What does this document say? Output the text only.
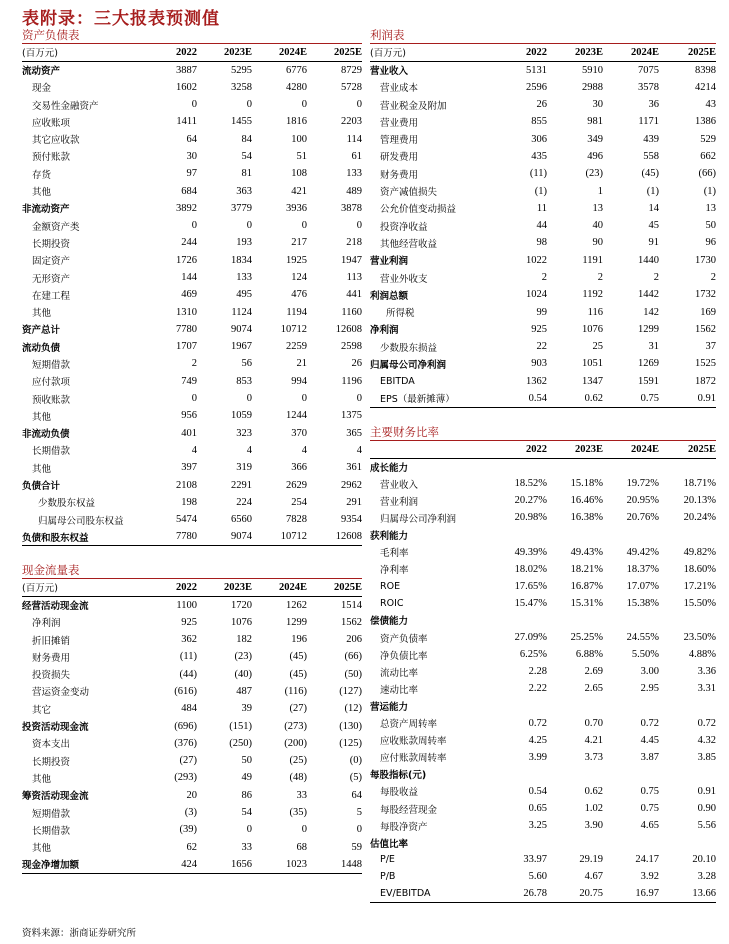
表附录：三大报表预测值
资产负债表
(百万元)	2022	2023E	2024E	2025E
流动资产	3887	5295	6776	8729
现金	1602	3258	4280	5728
交易性金融资产	0	0	0	0
应收账项	1411	1455	1816	2203
其它应收款	64	84	100	114
预付账款	30	54	51	61
存货	97	81	108	133
其他	684	363	421	489
非流动资产	3892	3779	3936	3878
金额资产类	0	0	0	0
长期投资	244	193	217	218
固定资产	1726	1834	1925	1947
无形资产	144	133	124	113
在建工程	469	495	476	441
其他	1310	1124	1194	1160
资产总计	7780	9074	10712	12608
流动负债	1707	1967	2259	2598
短期借款	2	56	21	26
应付款项	749	853	994	1196
预收账款	0	0	0	0
其他	956	1059	1244	1375
非流动负债	401	323	370	365
长期借款	4	4	4	4
其他	397	319	366	361
负债合计	2108	2291	2629	2962
少数股东权益	198	224	254	291
归属母公司股东权益	5474	6560	7828	9354
负债和股东权益	7780	9074	10712	12608
现金流量表
(百万元)	2022	2023E	2024E	2025E
经营活动现金流	1100	1720	1262	1514
净利润	925	1076	1299	1562
折旧摊销	362	182	196	206
财务费用	(11)	(23)	(45)	(66)
投资损失	(44)	(40)	(45)	(50)
营运资金变动	(616)	487	(116)	(127)
其它	484	39	(27)	(12)
投资活动现金流	(696)	(151)	(273)	(130)
资本支出	(376)	(250)	(200)	(125)
长期投资	(27)	50	(25)	(0)
其他	(293)	49	(48)	(5)
筹资活动现金流	20	86	33	64
短期借款	(3)	54	(35)	5
长期借款	(39)	0	0	0
其他	62	33	68	59
现金净增加额	424	1656	1023	1448
利润表
(百万元)	2022	2023E	2024E	2025E
营业收入	5131	5910	7075	8398
营业成本	2596	2988	3578	4214
营业税金及附加	26	30	36	43
营业费用	855	981	1171	1386
管理费用	306	349	439	529
研发费用	435	496	558	662
财务费用	(11)	(23)	(45)	(66)
资产减值损失	(1)	1	(1)	(1)
公允价值变动损益	11	13	14	13
投资净收益	44	40	45	50
其他经营收益	98	90	91	96
营业利润	1022	1191	1440	1730
营业外收支	2	2	2	2
利润总额	1024	1192	1442	1732
所得税	99	116	142	169
净利润	925	1076	1299	1562
少数股东损益	22	25	31	37
归属母公司净利润	903	1051	1269	1525
EBITDA	1362	1347	1591	1872
EPS（最新摊薄）	0.54	0.62	0.75	0.91
主要财务比率
	2022	2023E	2024E	2025E
成长能力				
营业收入	18.52%	15.18%	19.72%	18.71%
营业利润	20.27%	16.46%	20.95%	20.13%
归属母公司净利润	20.98%	16.38%	20.76%	20.24%
获利能力				
毛利率	49.39%	49.43%	49.42%	49.82%
净利率	18.02%	18.21%	18.37%	18.60%
ROE	17.65%	16.87%	17.07%	17.21%
ROIC	15.47%	15.31%	15.38%	15.50%
偿债能力				
资产负债率	27.09%	25.25%	24.55%	23.50%
净负债比率	6.25%	6.88%	5.50%	4.88%
流动比率	2.28	2.69	3.00	3.36
速动比率	2.22	2.65	2.95	3.31
营运能力				
总资产周转率	0.72	0.70	0.72	0.72
应收账款周转率	4.25	4.21	4.45	4.32
应付账款周转率	3.99	3.73	3.87	3.85
每股指标(元)				
每股收益	0.54	0.62	0.75	0.91
每股经营现金	0.65	1.02	0.75	0.90
每股净资产	3.25	3.90	4.65	5.56
估值比率				
P/E	33.97	29.19	24.17	20.10
P/B	5.60	4.67	3.92	3.28
EV/EBITDA	26.78	20.75	16.97	13.66
资料来源：浙商证券研究所
